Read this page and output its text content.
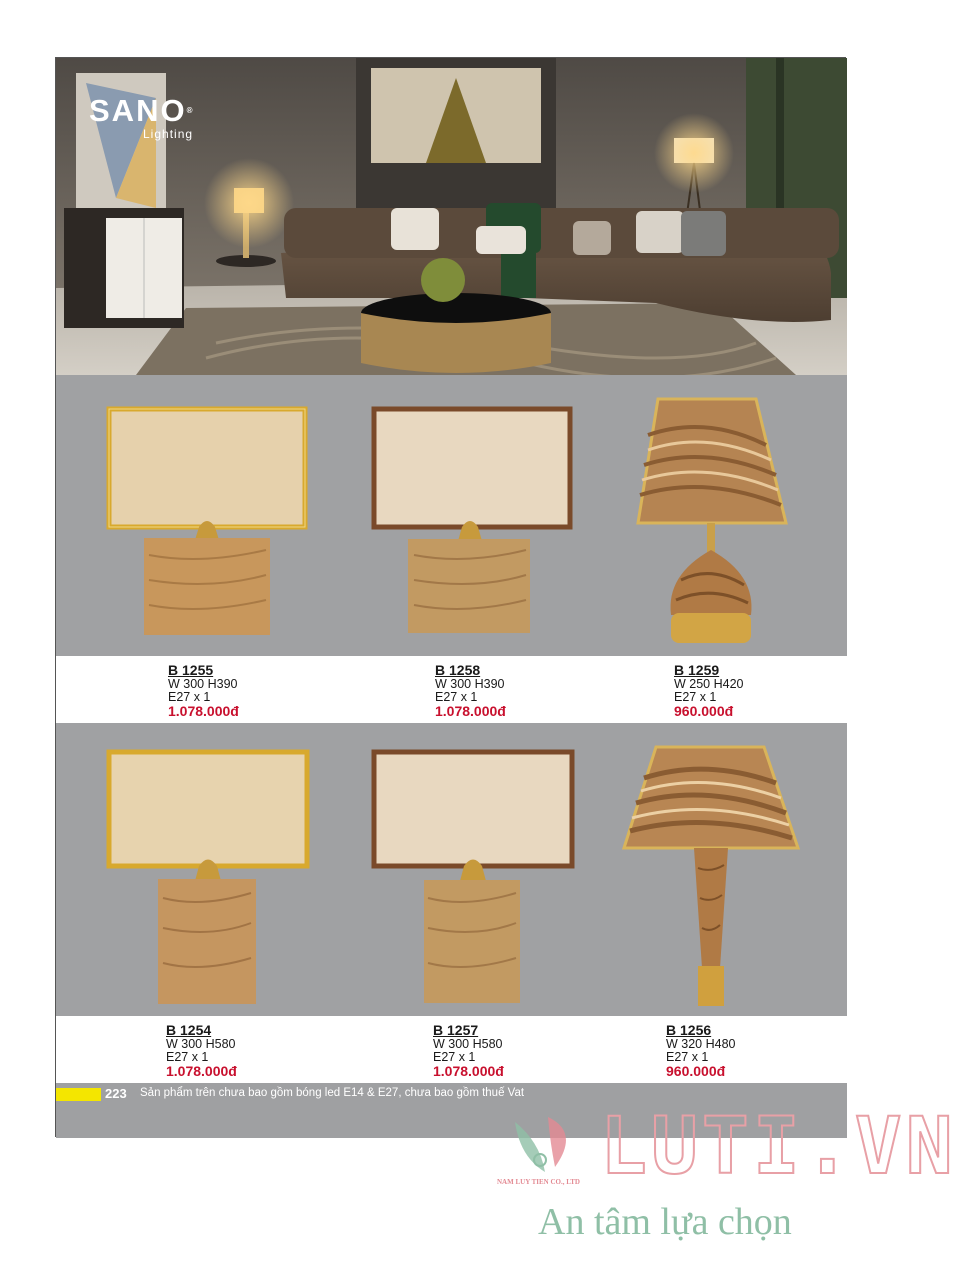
SANO®
Lighting
B 1255
W 300 H390
E27 x 1
1.078.000đ
B 1258
W 300 H390
E27 x 1
1.078.000đ
B 1259
W 250 H420
E27 x 1
960.000đ
B 1254
W 300 H580
E27 x 1
1.078.000đ
B 1257
W 300 H580
E27 x 1
1.078.000đ
B 1256
W 320 H480
E27 x 1
960.000đ
223 Sản phẩm trên chưa bao gồm bóng led E14 & E27, chưa bao gồm thuế Vat
NAM LUY TIEN CO., LTD LUTI.VN
An tâm lựa chọn
